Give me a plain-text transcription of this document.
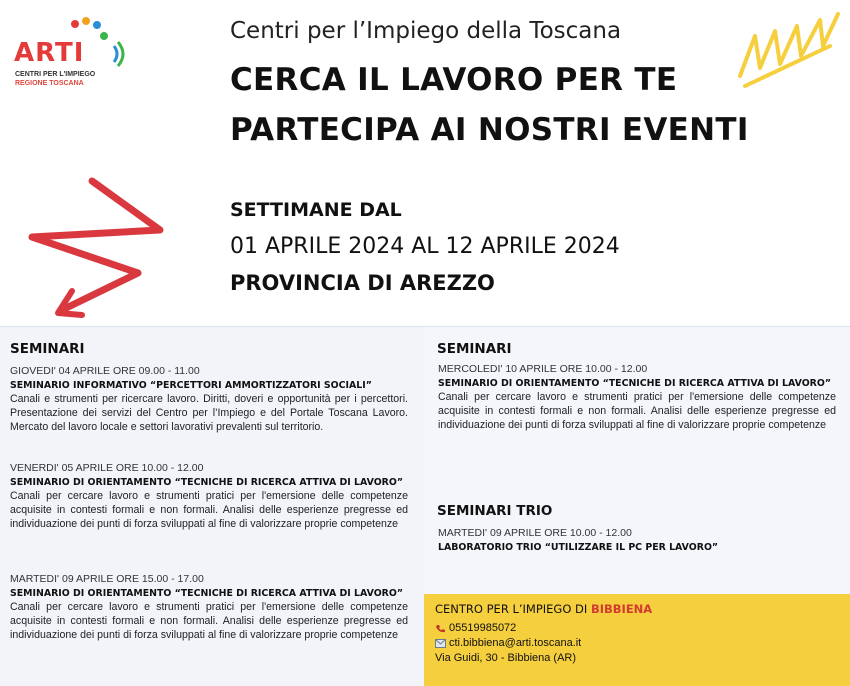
ARTI
CENTRI PER L'IMPIEGO
REGIONE TOSCANA
Centri per l’Impiego della Toscana
CERCA IL LAVORO PER TE
PARTECIPA AI NOSTRI EVENTI
SETTIMANE DAL
01 APRILE 2024 AL 12 APRILE 2024
PROVINCIA DI AREZZO
SEMINARI
GIOVEDI' 04 APRILE ORE 09.00 - 11.00
SEMINARIO INFORMATIVO “PERCETTORI AMMORTIZZATORI SOCIALI”
Canali e strumenti per ricercare lavoro. Diritti, doveri e opportunità per i percettori. Presentazione dei servizi del Centro per l’Impiego e del Portale Toscana Lavoro. Mercato del lavoro locale e settori lavorativi prevalenti sul territorio.
VENERDI' 05 APRILE ORE 10.00 - 12.00
SEMINARIO DI ORIENTAMENTO “TECNICHE DI RICERCA ATTIVA DI LAVORO”
Canali per cercare lavoro e strumenti pratici per l'emersione delle competenze acquisite in contesti formali e non formali. Analisi delle esperienze pregresse ed individuazione dei punti di forza sviluppati al fine di valorizzare proprie competenze
MARTEDI' 09 APRILE ORE 15.00 - 17.00
SEMINARIO DI ORIENTAMENTO “TECNICHE DI RICERCA ATTIVA DI LAVORO”
Canali per cercare lavoro e strumenti pratici per l'emersione delle competenze acquisite in contesti formali e non formali. Analisi delle esperienze pregresse ed individuazione dei punti di forza sviluppati al fine di valorizzare proprie competenze
SEMINARI
MERCOLEDI' 10 APRILE ORE 10.00 - 12.00
SEMINARIO DI ORIENTAMENTO “TECNICHE DI RICERCA ATTIVA DI LAVORO”
Canali per cercare lavoro e strumenti pratici per l'emersione delle competenze acquisite in contesti formali e non formali. Analisi delle esperienze pregresse ed individuazione dei punti di forza sviluppati al fine di valorizzare proprie competenze
SEMINARI TRIO
MARTEDI' 09 APRILE ORE 10.00 - 12.00
LABORATORIO TRIO “UTILIZZARE IL PC PER LAVORO”
CENTRO PER L’IMPIEGO DI BIBBIENA
05519985072
cti.bibbiena@arti.toscana.it
Via Guidi, 30 - Bibbiena (AR)
